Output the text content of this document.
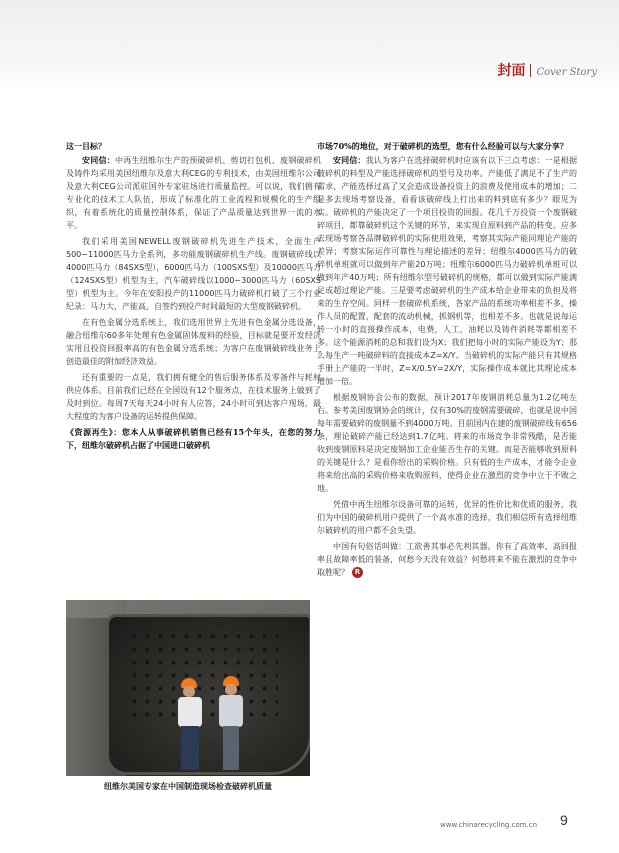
封面 Cover Story

这一目标？

安同信：中再生纽维尔生产的预破碎机、剪切打包机、废钢破碎机及铸件均采用美国纽维尔及意大利CEG的专利技术，由美国纽维尔公司及意大利CEG公司派驻国外专家驻场进行质量监控。可以说，我们拥有专业化的技术工人队伍，形成了标准化的工业流程和规模化的生产组织，有着系统化的质量控制体系，保证了产品质量达到世界一流的水平。

我们采用美国NEWELL废钢破碎机先进生产技术，全面生产500~11000匹马力全系列，多功能废钢破碎机生产线。废钢破碎线以4000匹马力（84SXS型），6000匹马力（100SXS型）及10000匹马力（124SXS型）机型为主，汽车破碎线以1000~3000匹马力（60SXS型）机型为主。今年在安阳投产的11000匹马力破碎机打破了三个行业纪录：马力大，产能高，自签约到投产时间最短的大型废钢破碎机。

在有色金属分选系统上，我们选用世界上先进有色金属分选设备，融合纽维尔60多年处理有色金属固体废料的经验，目标就是要开发经济实用且投资回报率高的有色金属分选系统；为客户在废钢破碎线业务上创造最佳的附加经济效益。

还有重要的一点是，我们拥有健全的售后服务体系及零备件与耗材供应体系。目前我们已经在全国设有12个服务点，在技术服务上做到了及时到位。每周7天每天24小时有人应答，24小时可到达客户现场，最大程度的为客户设备的运转提供保障。

《资源再生》：您本人从事破碎机销售已经有15个年头，在您的努力下，纽维尔破碎机占据了中国进口破碎机

纽维尔美国专家在中国制造现场检查破碎机质量

市场70%的地位，对于破碎机的选型，您有什么经验可以与大家分享？

安同信：我认为客户在选择破碎机时应该有以下三点考虑：一是根据破碎机的料型及产能选择破碎机的型号及功率。产能低了满足不了生产的需求，产能选择过高了又会造成设备投资上的浪费及使用成本的增加；二是多去现场考察设备，看看该破碎线上打出来的料到底有多少？眼见为实。破碎机的产能决定了一个项目投资的回报。花几千万投资一个废钢破碎项目，都靠破碎机这个关键的环节，来实现自原料到产品的转变。应多去现场考察各品牌破碎机的实际使用效果，考察其实际产能同理论产能的差异；考察实际运作可靠性与理论描述的差异；纽维尔4000匹马力的破碎机单班就可以做到年产能20万吨；纽维尔6000匹马力破碎机单班可以做到年产40万吨；所有纽维尔型号破碎机的规格，都可以做到实际产能满足或超过理论产能。三是要考虑破碎机的生产成本给企业带来的负担及将来的生存空间。同样一套破碎机系统，各家产品的系统功率相差不多，操作人员的配置，配套的流动机械，抓钢机等，也相差不多。也就是说每运转一小时的直接操作成本，电费，人工，油耗以及铸件消耗等都相差不多。这个能源消耗的总和我们设为X；我们把每小时的实际产能设为Y；那么每生产一吨破碎料的直接成本Z=X/Y。当破碎机的实际产能只有其规格手册上产能的一半时，Z=X/0.5Y=2X/Y，实际操作成本就比其理论成本增加一倍。

根据废钢协会公布的数据，预计2017年废钢消耗总量为1.2亿吨左右。参考美国废钢协会的统计，仅有30%的废钢需要破碎，也就是说中国每年需要破碎的废钢量不到4000万吨。目前国内在建的废钢破碎线有656条，理论破碎产能已经达到1.7亿吨。将来的市场竞争非常残酷，是否能收到废钢原料是决定废钢加工企业能否生存的关键。而是否能够收到原料的关键是什么？是看你给出的采购价格。只有低的生产成本，才能令企业将来给出高的采购价格来收购原料，使得企业在激烈的竞争中立于不败之地。

凭借中再生纽维尔设备可靠的运转，优异的性价比和优质的服务，我们为中国的破碎机用户提供了一个高水准的选择，我们相信所有选择纽维尔破碎机的用户都不会失望。

中国有句俗话叫做：工欲善其事必先利其器。你有了高效率、高回报率且故障率低的装备，何愁今天没有效益？何愁将来不能在激烈的竞争中取胜呢？ R

www.chinarecycling.com.cn 9
